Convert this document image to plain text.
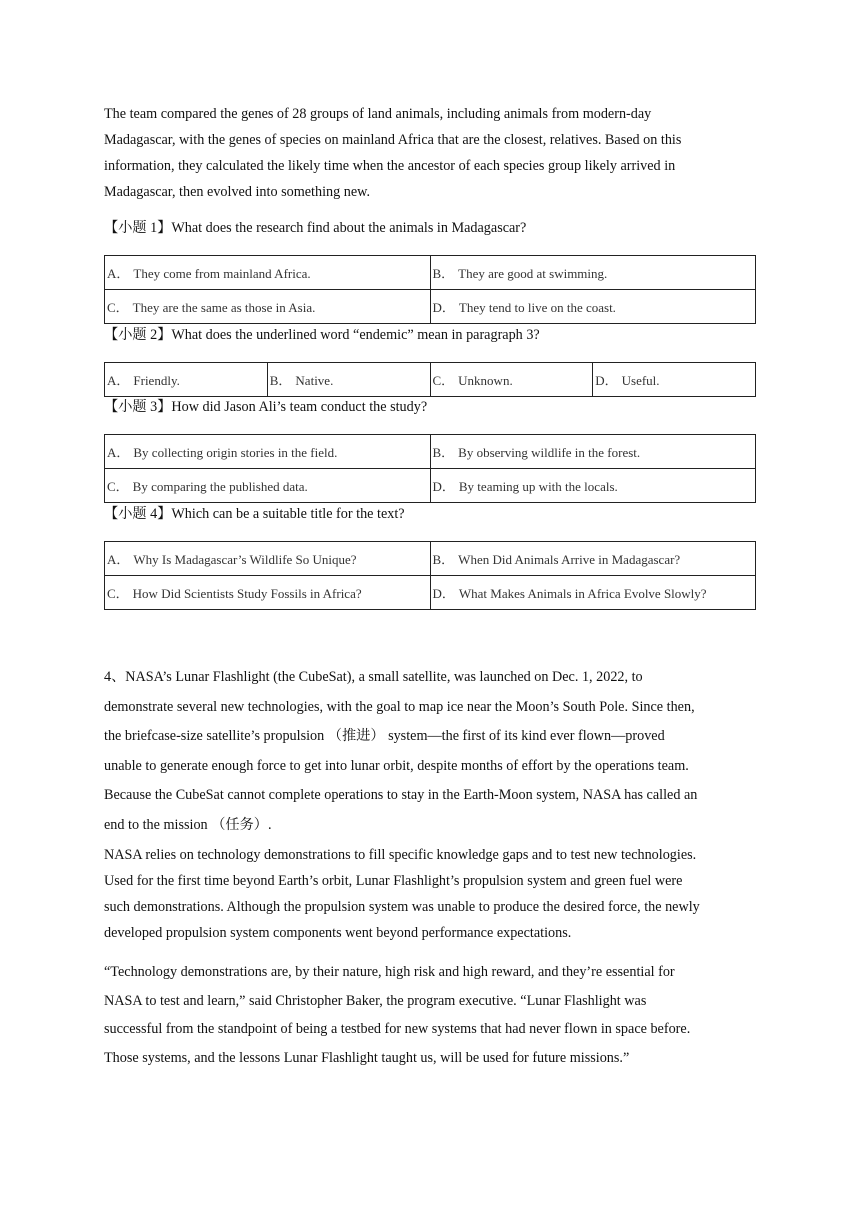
The team compared the genes of 28 groups of land animals, including animals from modern-day

Madagascar, with the genes of species on mainland Africa that are the closest, relatives. Based on this

information, they calculated the likely time when the ancestor of each species group likely arrived in

Madagascar, then evolved into something new.

【小题 1】What does the research find about the animals in Madagascar?
A． They come from mainland Africa.	B． They are good at swimming.
C． They are the same as those in Asia.	D． They tend to live on the coast.
【小题 2】What does the underlined word “endemic” mean in paragraph 3?
A． Friendly.	B． Native.	C． Unknown.	D． Useful.
【小题 3】How did Jason Ali’s team conduct the study?
A． By collecting origin stories in the field.	B． By observing wildlife in the forest.
C． By comparing the published data.	D． By teaming up with the locals.
【小题 4】Which can be a suitable title for the text?
A． Why Is Madagascar’s Wildlife So Unique?	B． When Did Animals Arrive in Madagascar?
C． How Did Scientists Study Fossils in Africa?	D． What Makes Animals in Africa Evolve Slowly?

4、NASA’s Lunar Flashlight (the CubeSat), a small satellite, was launched on Dec. 1, 2022, to

demonstrate several new technologies, with the goal to map ice near the Moon’s South Pole. Since then,

the briefcase-size satellite’s propulsion （推进） system—the first of its kind ever flown—proved

unable to generate enough force to get into lunar orbit, despite months of effort by the operations team.

Because the CubeSat cannot complete operations to stay in the Earth-Moon system, NASA has called an

end to the mission （任务）.

NASA relies on technology demonstrations to fill specific knowledge gaps and to test new technologies.

Used for the first time beyond Earth’s orbit, Lunar Flashlight’s propulsion system and green fuel were

such demonstrations. Although the propulsion system was unable to produce the desired force, the newly

developed propulsion system components went beyond performance expectations.

“Technology demonstrations are, by their nature, high risk and high reward, and they’re essential for

NASA to test and learn,” said Christopher Baker, the program executive. “Lunar Flashlight was

successful from the standpoint of being a testbed for new systems that had never flown in space before.

Those systems, and the lessons Lunar Flashlight taught us, will be used for future missions.”
